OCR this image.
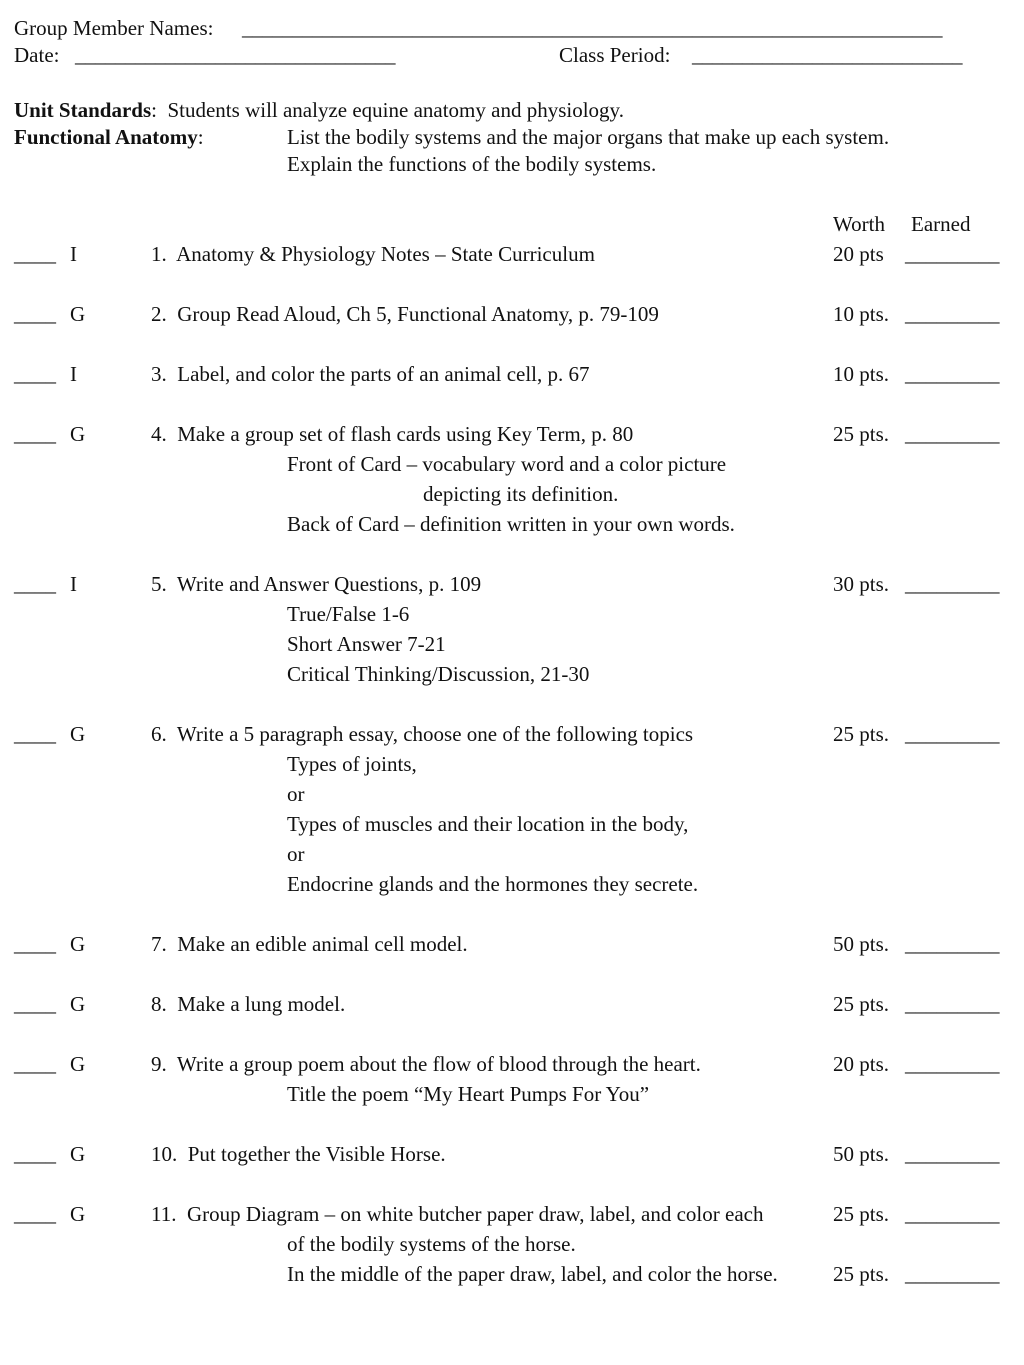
Group Member Names: ______________________________________________________________________
Date: ________________________________	Class Period: ___________________________
Unit Standards:  Students will analyze equine anatomy and physiology.
Functional Anatomy:	List the bodily systems and the major organs that make up each system.
Explain the functions of the bodily systems.
Worth Earned
____ I	1.  Anatomy & Physiology Notes – State Curriculum	20 pts _________
____ G	2.  Group Read Aloud, Ch 5, Functional Anatomy, p. 79-109	10 pts. _________
____ I	3.  Label, and color the parts of an animal cell, p. 67	10 pts. _________
____ G	4.  Make a group set of flash cards using Key Term, p. 80	25 pts. _________
Front of Card – vocabulary word and a color picture
depicting its definition.
Back of Card – definition written in your own words.
____ I	5.  Write and Answer Questions, p. 109	30 pts. _________
True/False 1-6
Short Answer 7-21
Critical Thinking/Discussion, 21-30
____ G	6.  Write a 5 paragraph essay, choose one of the following topics	25 pts. _________
Types of joints,
or
Types of muscles and their location in the body,
or
Endocrine glands and the hormones they secrete.
____ G	7.  Make an edible animal cell model.	50 pts. _________
____ G	8.  Make a lung model.	25 pts. _________
____ G	9.  Write a group poem about the flow of blood through the heart.	20 pts. _________
Title the poem “My Heart Pumps For You”
____ G	10.  Put together the Visible Horse.	50 pts. _________
____ G	11.  Group Diagram – on white butcher paper draw, label, and color each	25 pts. _________
of the bodily systems of the horse.
In the middle of the paper draw, label, and color the horse.	25 pts. _________
